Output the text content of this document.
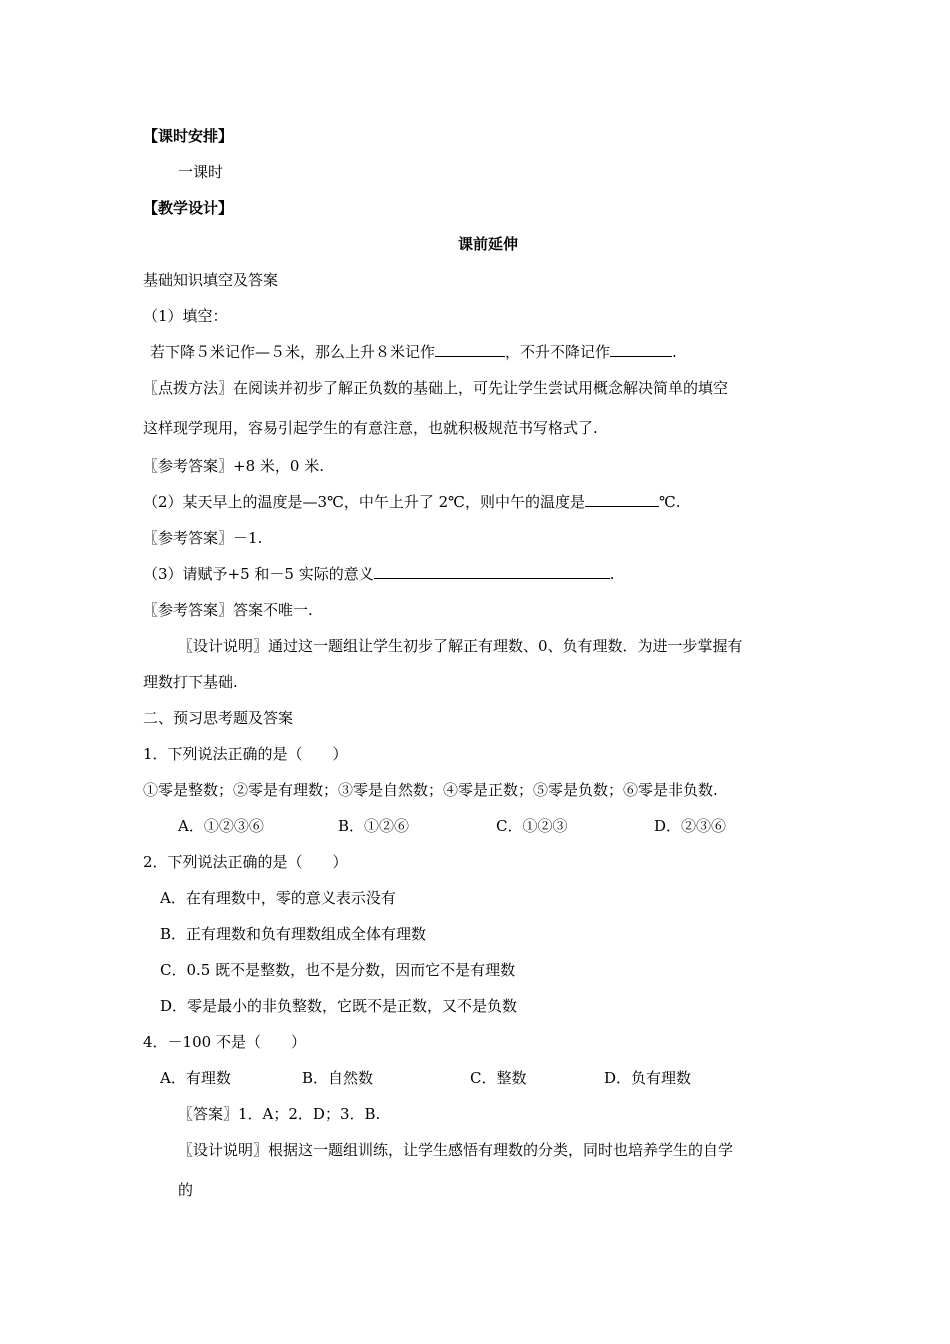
【课时安排】
一课时
【教学设计】
课前延伸
基础知识填空及答案
（1）填空：
若下降５米记作—５米，那么上升８米记作	，不升不降记作	.
〖点拨方法〗在阅读并初步了解正负数的基础上，可先让学生尝试用概念解决简单的填空
这样现学现用，容易引起学生的有意注意，也就积极规范书写格式了.
〖参考答案〗+8 米，0 米.
（2）某天早上的温度是—3℃，中午上升了 2℃，则中午的温度是	℃.
〖参考答案〗－1.
（3）请赋予+5 和－5 实际的意义	.
〖参考答案〗答案不唯一.
〖设计说明〗通过这一题组让学生初步了解正有理数、0、负有理数．为进一步掌握有
理数打下基础.
二、预习思考题及答案
1．下列说法正确的是（　　）
①零是整数；②零是有理数；③零是自然数；④零是正数；⑤零是负数；⑥零是非负数.
A．①②③⑥	B．①②⑥	C．①②③	D．②③⑥
2．下列说法正确的是（　　）
A．在有理数中，零的意义表示没有
B．正有理数和负有理数组成全体有理数
C．0.5 既不是整数，也不是分数，因而它不是有理数
D．零是最小的非负整数，它既不是正数，又不是负数
4．－100 不是（　　）
A．有理数	B．自然数	C．整数	D．负有理数
〖答案〗1．A；2．D；3．B.
〖设计说明〗根据这一题组训练，让学生感悟有理数的分类，同时也培养学生的自学
的
